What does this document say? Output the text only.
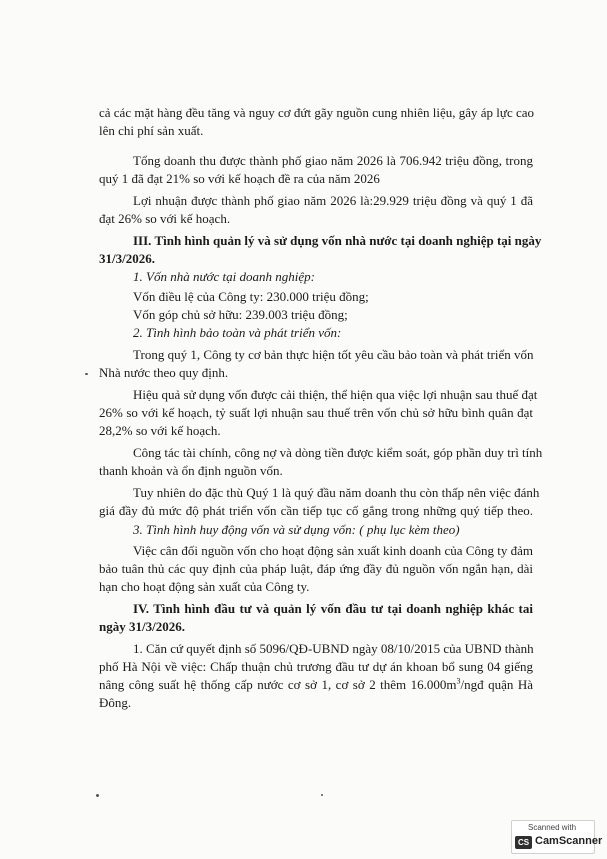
cả các mặt hàng đều tăng và nguy cơ đứt gãy nguồn cung nhiên liệu, gây áp lực cao
lên chi phí sản xuất.
Tổng doanh thu được thành phố giao năm 2026 là 706.942 triệu đồng, trong
quý 1 đã đạt 21% so với kế hoạch đề ra của năm 2026
Lợi nhuận được thành phố giao năm 2026 là:29.929 triệu đồng và quý 1 đã
đạt 26% so với kế hoạch.
III. Tình hình quản lý và sử dụng vốn nhà nước tại doanh nghiệp tại ngày
31/3/2026.
1. Vốn nhà nước tại doanh nghiệp:
Vốn điều lệ của Công ty: 230.000 triệu đồng;
Vốn góp chủ sở hữu: 239.003 triệu đồng;
2. Tình hình bảo toàn và phát triển vốn:
Trong quý 1, Công ty cơ bản thực hiện tốt yêu cầu bảo toàn và phát triển vốn
Nhà nước theo quy định.
Hiệu quả sử dụng vốn được cải thiện, thể hiện qua việc lợi nhuận sau thuế đạt
26% so với kế hoạch, tỷ suất lợi nhuận sau thuế trên vốn chủ sở hữu bình quân đạt
28,2% so với kế hoạch.
Công tác tài chính, công nợ và dòng tiền được kiểm soát, góp phần duy trì tính
thanh khoản và ổn định nguồn vốn.
Tuy nhiên do đặc thù Quý 1 là quý đầu năm doanh thu còn thấp nên việc đánh
giá đầy đủ mức độ phát triển vốn cần tiếp tục cố gắng trong những quý tiếp theo.
3. Tình hình huy động vốn và sử dụng vốn: ( phụ lục kèm theo)
Việc cân đối nguồn vốn cho hoạt động sản xuất kinh doanh của Công ty đảm
bảo tuân thủ các quy định của pháp luật, đáp ứng đầy đủ nguồn vốn ngắn hạn, dài
hạn cho hoạt động sản xuất của Công ty.
IV. Tình hình đầu tư và quản lý vốn đầu tư tại doanh nghiệp khác tai
ngày 31/3/2026.
1. Căn cứ quyết định số 5096/QĐ-UBND ngày 08/10/2015 của UBND thành
phố Hà Nội về việc: Chấp thuận chủ trương đầu tư dự án khoan bổ sung 04 giếng
nâng công suất hệ thống cấp nước cơ sở 1, cơ sở 2 thêm $16.000m^3$/ngđ quận Hà
Đông.
Scanned with
CS CamScanner
